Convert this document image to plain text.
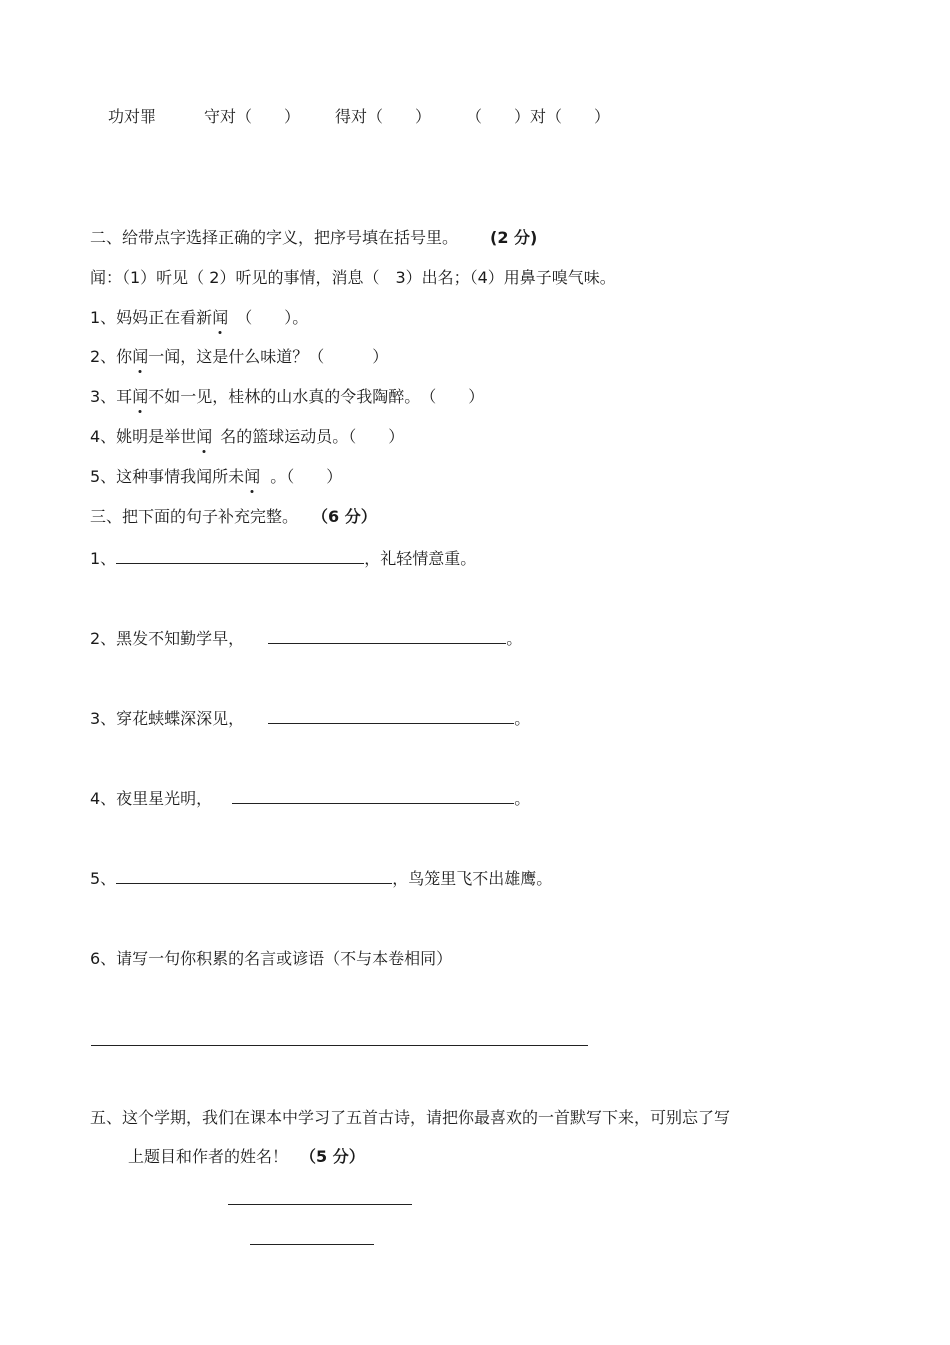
功对罪	守对（　　） 得对（　　） （　　）对（　　）
二、给带点字选择正确的字义，把序号填在括号里。 (2 分)
闻：（1）听见（ 2）听见的事情，消息（　3）出名；（4）用鼻子嗅气味。
1、妈妈正在看新闻 （　　）。
2、你闻一闻，这是什么味道？（　　　）
3、耳闻不如一见，桂林的山水真的令我陶醉。　（　　）
4、姚明是举世闻 名的篮球运动员。（　　）
5、这种事情我闻所未闻 。（　　）
三、把下面的句子补充完整。 （6 分）
1、	，礼轻情意重。
2、黑发不知勤学早，	。
3、穿花蛱蝶深深见，	。
4、夜里星光明，	。
5、	，鸟笼里飞不出雄鹰。
6、请写一句你积累的名言或谚语（不与本卷相同）
五、这个学期，我们在课本中学习了五首古诗，请把你最喜欢的一首默写下来，可别忘了写
上题目和作者的姓名！ （5 分）
